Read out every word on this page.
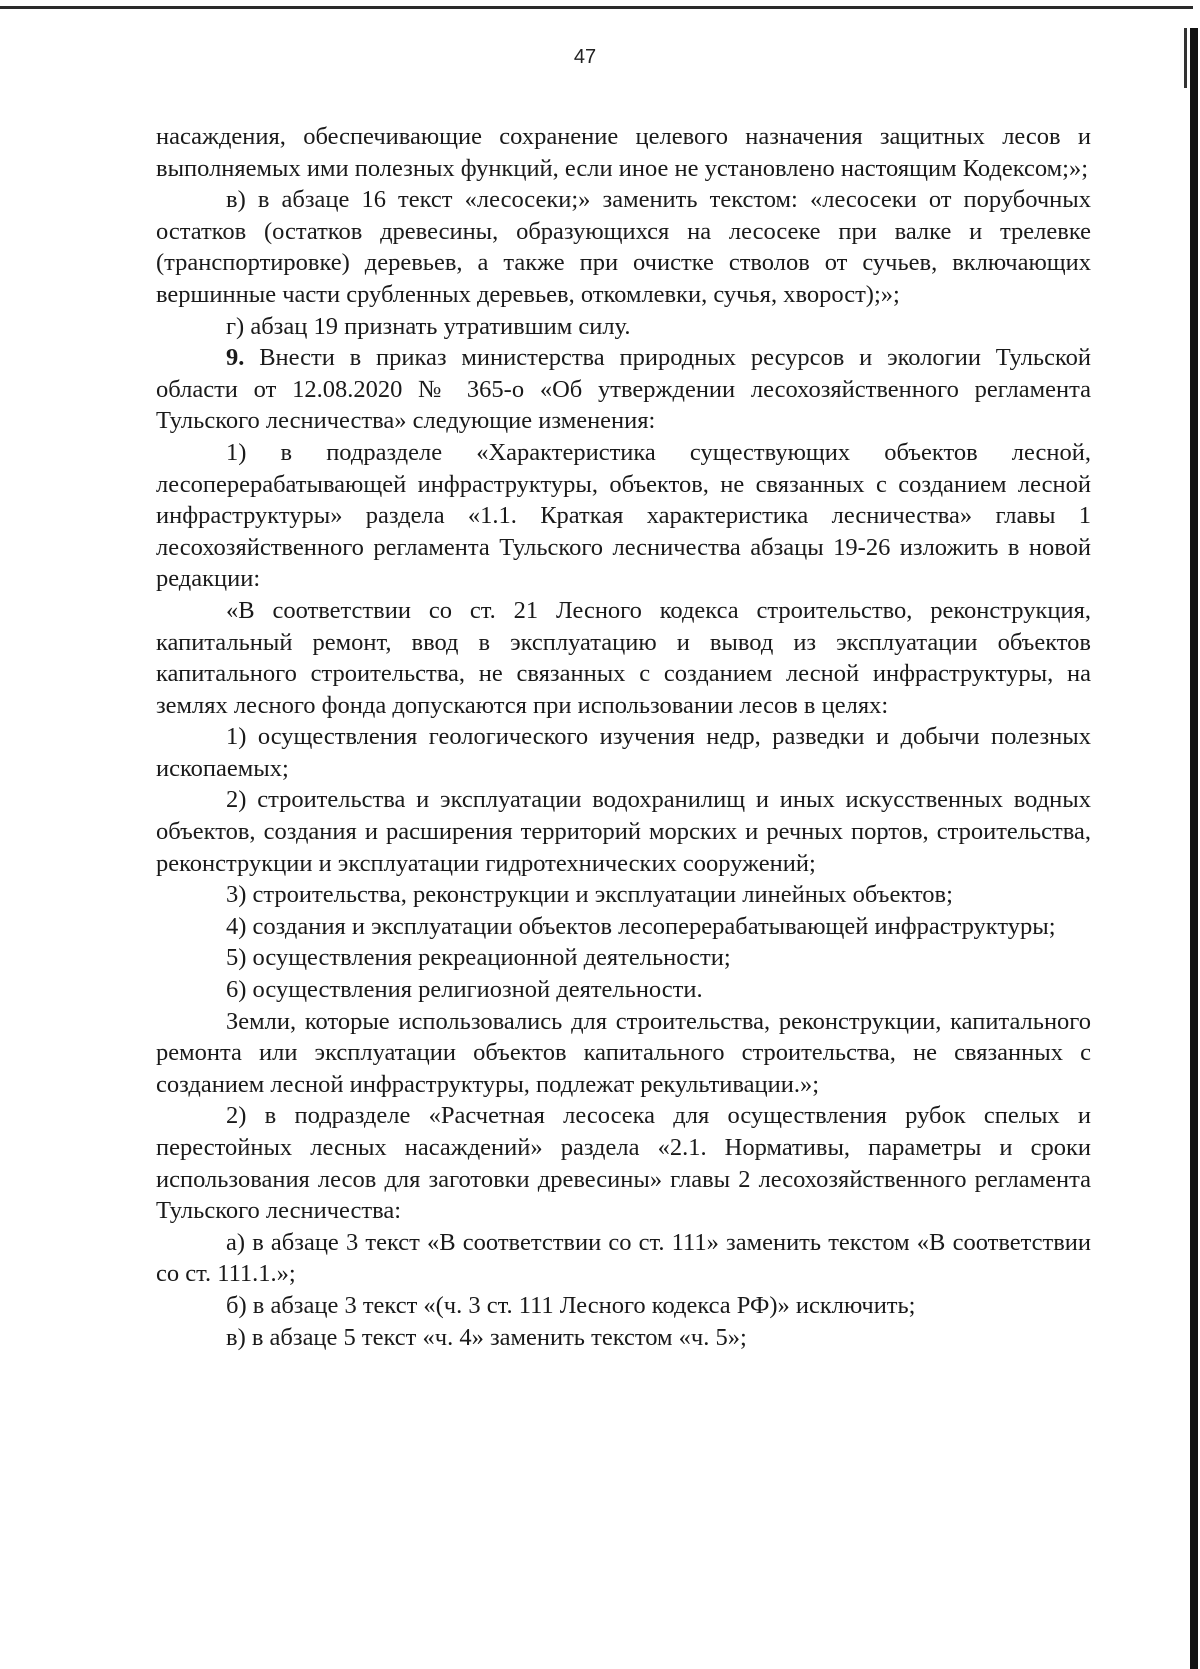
47

насаждения, обеспечивающие сохранение целевого назначения защитных лесов и выполняемых ими полезных функций, если иное не установлено настоящим Кодексом;»;

в) в абзаце 16 текст «лесосеки;» заменить текстом: «лесосеки от порубочных остатков (остатков древесины, образующихся на лесосеке при валке и трелевке (транспортировке) деревьев, а также при очистке стволов от сучьев, включающих вершинные части срубленных деревьев, откомлевки, сучья, хворост);»;

г) абзац 19 признать утратившим силу.

9. Внести в приказ министерства природных ресурсов и экологии Тульской области от 12.08.2020 № 365-о «Об утверждении лесохозяйственного регламента Тульского лесничества» следующие изменения:

1) в подразделе «Характеристика существующих объектов лесной, лесоперерабатывающей инфраструктуры, объектов, не связанных с созданием лесной инфраструктуры» раздела «1.1. Краткая характеристика лесничества» главы 1 лесохозяйственного регламента Тульского лесничества абзацы 19-26 изложить в новой редакции:

«В соответствии со ст. 21 Лесного кодекса строительство, реконструкция, капитальный ремонт, ввод в эксплуатацию и вывод из эксплуатации объектов капитального строительства, не связанных с созданием лесной инфраструктуры, на землях лесного фонда допускаются при использовании лесов в целях:

1) осуществления геологического изучения недр, разведки и добычи полезных ископаемых;

2) строительства и эксплуатации водохранилищ и иных искусственных водных объектов, создания и расширения территорий морских и речных портов, строительства, реконструкции и эксплуатации гидротехнических сооружений;

3) строительства, реконструкции и эксплуатации линейных объектов;

4) создания и эксплуатации объектов лесоперерабатывающей инфраструктуры;

5) осуществления рекреационной деятельности;

6) осуществления религиозной деятельности.

Земли, которые использовались для строительства, реконструкции, капитального ремонта или эксплуатации объектов капитального строительства, не связанных с созданием лесной инфраструктуры, подлежат рекультивации.»;

2) в подразделе «Расчетная лесосека для осуществления рубок спелых и перестойных лесных насаждений» раздела «2.1. Нормативы, параметры и сроки использования лесов для заготовки древесины» главы 2 лесохозяйственного регламента Тульского лесничества:

а) в абзаце 3 текст «В соответствии со ст. 111» заменить текстом «В соответствии со ст. 111.1.»;

б) в абзаце 3 текст «(ч. 3 ст. 111 Лесного кодекса РФ)» исключить;

в) в абзаце 5 текст «ч. 4» заменить текстом «ч. 5»;
